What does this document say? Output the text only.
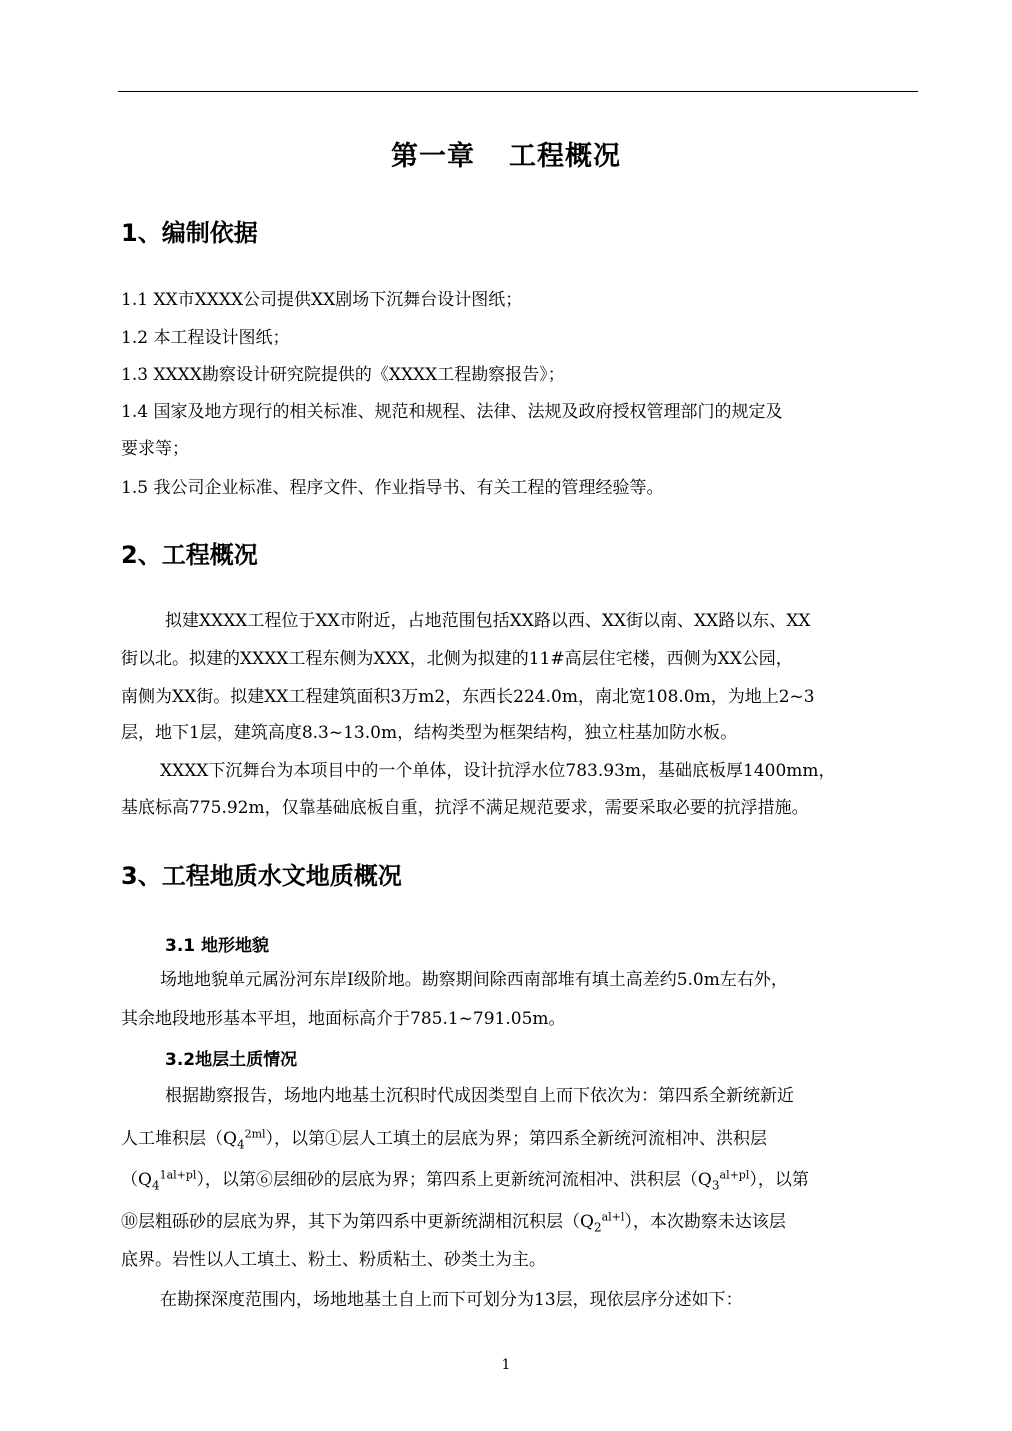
第一章 工程概况
1、编制依据
1.1 XX市XXXX公司提供XX剧场下沉舞台设计图纸；
1.2 本工程设计图纸；
1.3 XXXX勘察设计研究院提供的《XXXX工程勘察报告》；
1.4 国家及地方现行的相关标准、规范和规程、法律、法规及政府授权管理部门的规定及
要求等；
1.5 我公司企业标准、程序文件、作业指导书、有关工程的管理经验等。
2、工程概况
拟建XXXX工程位于XX市附近，占地范围包括XX路以西、XX街以南、XX路以东、XX
街以北。拟建的XXXX工程东侧为XXX，北侧为拟建的11#高层住宅楼，西侧为XX公园，
南侧为XX街。拟建XX工程建筑面积3万m2，东西长224.0m，南北宽108.0m，为地上2~3
层，地下1层，建筑高度8.3~13.0m，结构类型为框架结构，独立柱基加防水板。
XXXX下沉舞台为本项目中的一个单体，设计抗浮水位783.93m，基础底板厚1400mm，
基底标高775.92m，仅靠基础底板自重，抗浮不满足规范要求，需要采取必要的抗浮措施。
3、工程地质水文地质概况
3.1 地形地貌
场地地貌单元属汾河东岸Ⅰ级阶地。勘察期间除西南部堆有填土高差约5.0m左右外，
其余地段地形基本平坦，地面标高介于785.1~791.05m。
3.2地层土质情况
根据勘察报告，场地内地基土沉积时代成因类型自上而下依次为：第四系全新统新近
人工堆积层$(Q_4^{2ml})$，以第①层人工填土的层底为界；第四系全新统河流相冲、洪积层
$(Q_4^{1al+pl})$，以第⑥层细砂的层底为界；第四系上更新统河流相冲、洪积层$(Q_3^{al+pl})$，以第
⑩层粗砾砂的层底为界，其下为第四系中更新统湖相沉积层$(Q_2^{al+l})$，本次勘察未达该层
底界。岩性以人工填土、粉土、粉质粘土、砂类土为主。
在勘探深度范围内，场地地基土自上而下可划分为13层，现依层序分述如下：
1
